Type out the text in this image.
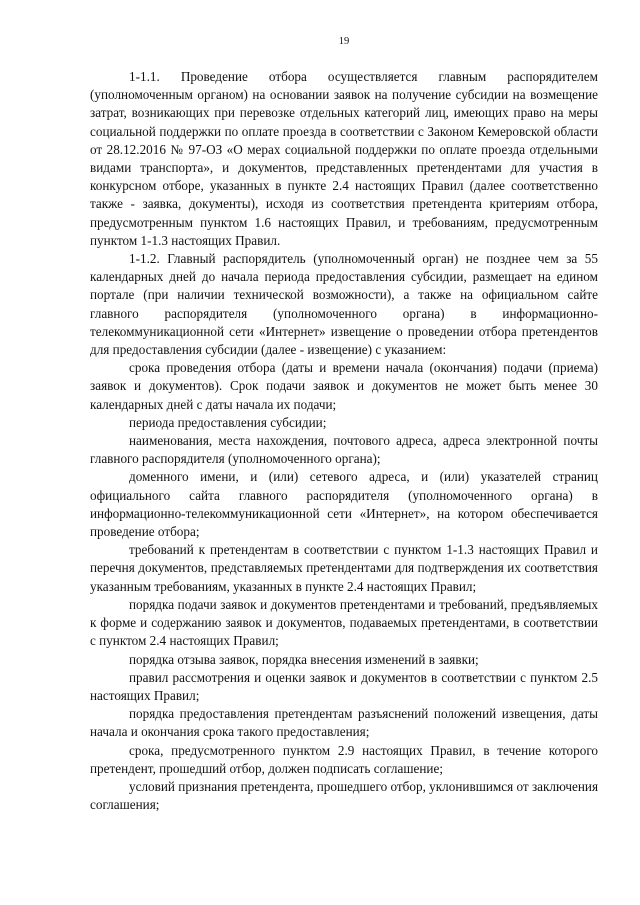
19

1-1.1. Проведение отбора осуществляется главным распорядителем (уполномоченным органом) на основании заявок на получение субсидии на возмещение затрат, возникающих при перевозке отдельных категорий лиц, имеющих право на меры социальной поддержки по оплате проезда в соответствии с Законом Кемеровской области от 28.12.2016 № 97-ОЗ «О мерах социальной поддержки по оплате проезда отдельными видами транспорта», и документов, представленных претендентами для участия в конкурсном отборе, указанных в пункте 2.4 настоящих Правил (далее соответственно также - заявка, документы), исходя из соответствия претендента критериям отбора, предусмотренным пунктом 1.6 настоящих Правил, и требованиям, предусмотренным пунктом 1-1.3 настоящих Правил.

1-1.2. Главный распорядитель (уполномоченный орган) не позднее чем за 55 календарных дней до начала периода предоставления субсидии, размещает на едином портале (при наличии технической возможности), а также на официальном сайте главного распорядителя (уполномоченного органа) в информационно-телекоммуникационной сети «Интернет» извещение о проведении отбора претендентов для предоставления субсидии (далее - извещение) с указанием:

срока проведения отбора (даты и времени начала (окончания) подачи (приема) заявок и документов). Срок подачи заявок и документов не может быть менее 30 календарных дней с даты начала их подачи;

периода предоставления субсидии;

наименования, места нахождения, почтового адреса, адреса электронной почты главного распорядителя (уполномоченного органа);

доменного имени, и (или) сетевого адреса, и (или) указателей страниц официального сайта главного распорядителя (уполномоченного органа) в информационно-телекоммуникационной сети «Интернет», на котором обеспечивается проведение отбора;

требований к претендентам в соответствии с пунктом 1-1.3 настоящих Правил и перечня документов, представляемых претендентами для подтверждения их соответствия указанным требованиям, указанных в пункте 2.4 настоящих Правил;

порядка подачи заявок и документов претендентами и требований, предъявляемых к форме и содержанию заявок и документов, подаваемых претендентами, в соответствии с пунктом 2.4 настоящих Правил;

порядка отзыва заявок, порядка внесения изменений в заявки;

правил рассмотрения и оценки заявок и документов в соответствии с пунктом 2.5 настоящих Правил;

порядка предоставления претендентам разъяснений положений извещения, даты начала и окончания срока такого предоставления;

срока, предусмотренного пунктом 2.9 настоящих Правил, в течение которого претендент, прошедший отбор, должен подписать соглашение;

условий признания претендента, прошедшего отбор, уклонившимся от заключения соглашения;
